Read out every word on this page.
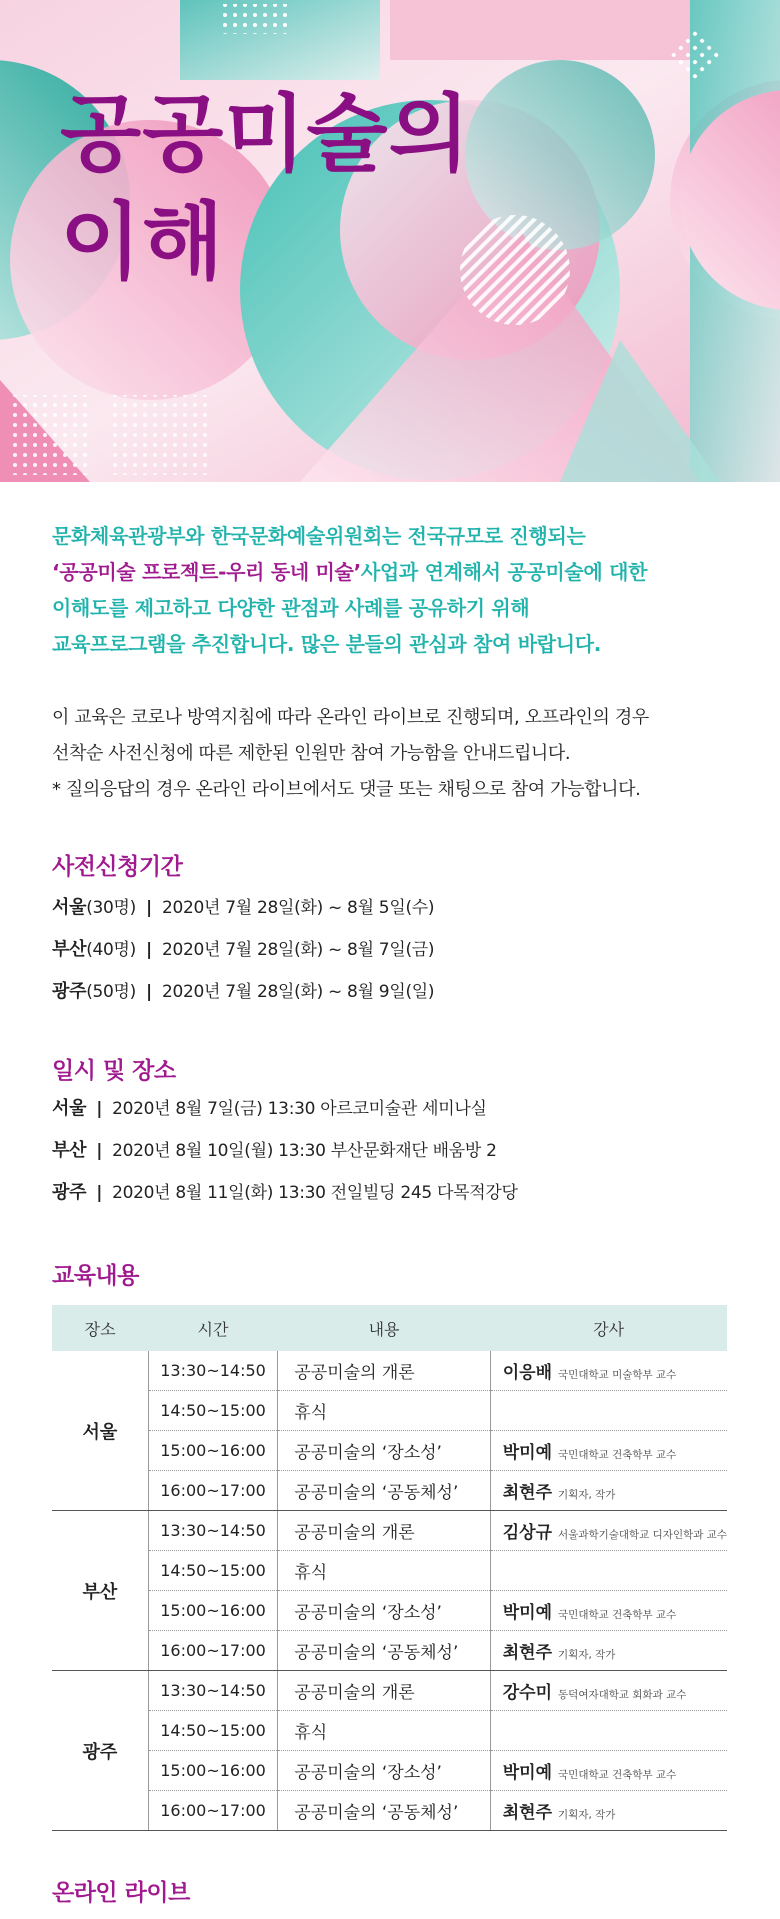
공공미술의
이해
문화체육관광부와 한국문화예술위원회는 전국규모로 진행되는
‘공공미술 프로젝트-우리 동네 미술’사업과 연계해서 공공미술에 대한
이해도를 제고하고 다양한 관점과 사례를 공유하기 위해
교육프로그램을 추진합니다. 많은 분들의 관심과 참여 바랍니다.
이 교육은 코로나 방역지침에 따라 온라인 라이브로 진행되며, 오프라인의 경우
선착순 사전신청에 따른 제한된 인원만 참여 가능함을 안내드립니다.
* 질의응답의 경우 온라인 라이브에서도 댓글 또는 채팅으로 참여 가능합니다.
사전신청기간
서울(30명) | 2020년 7월 28일(화) ~ 8월 5일(수)
부산(40명) | 2020년 7월 28일(화) ~ 8월 7일(금)
광주(50명) | 2020년 7월 28일(화) ~ 8월 9일(일)
일시 및 장소
서울 | 2020년 8월 7일(금) 13:30 아르코미술관 세미나실
부산 | 2020년 8월 10일(월) 13:30 부산문화재단 배움방 2
광주 | 2020년 8월 11일(화) 13:30 전일빌딩 245 다목적강당
교육내용
장소	시간	내용	강사
서울	13:30~14:50	공공미술의 개론	이응배 국민대학교 미술학부 교수
	14:50~15:00	휴식	
	15:00~16:00	공공미술의 ‘장소성’	박미예 국민대학교 건축학부 교수
	16:00~17:00	공공미술의 ‘공동체성’	최현주 기획자, 작가
부산	13:30~14:50	공공미술의 개론	김상규 서울과학기술대학교 디자인학과 교수
	14:50~15:00	휴식	
	15:00~16:00	공공미술의 ‘장소성’	박미예 국민대학교 건축학부 교수
	16:00~17:00	공공미술의 ‘공동체성’	최현주 기획자, 작가
광주	13:30~14:50	공공미술의 개론	강수미 동덕여자대학교 회화과 교수
	14:50~15:00	휴식	
	15:00~16:00	공공미술의 ‘장소성’	박미예 국민대학교 건축학부 교수
	16:00~17:00	공공미술의 ‘공동체성’	최현주 기획자, 작가
온라인 라이브
